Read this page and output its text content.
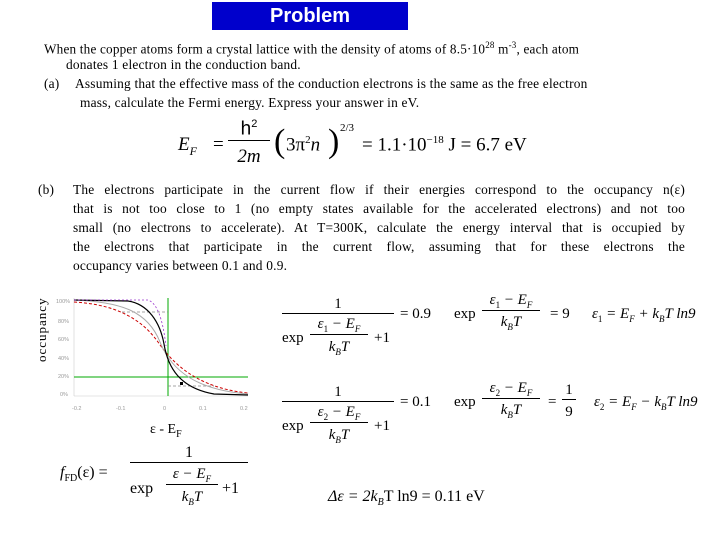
Problem
When the copper atoms form a crystal lattice with the density of atoms of $8.5\cdot 10^{28}$ $m^{-3}$, each atom
donates 1 electron in the conduction band.
(a) Assuming that the effective mass of the conduction electrons is the same as the free electron
mass, calculate the Fermi energy. Express your answer in eV.
$E_F$ =
$h^2$
2m ( $3\pi^2n$ ) 2/3
= $1.1\cdot 10^{-18}$ J = 6.7 eV
(b) The electrons participate in the current flow if their energies correspond to the occupancy n(ε)
that is not too close to 1 (no empty states available for the accelerated electrons) and not too
small (no electrons to accelerate). At T=300K, calculate the energy interval that is occupied by
the electrons that participate in the current flow, assuming that for these electrons the
occupancy varies between 0.1 and 0.9.
occupancy 100%
80%
60%
40%
20%
0%
-0.2	-0.1	0	0.1	0.2
ε - $E_F$
$f_{FD}(\varepsilon)$ =
1
exp
$\varepsilon - E_F$
$k_BT$	+1
1
exp
$\varepsilon_1 - E_F$
$k_BT$
+1
= 0.9 exp
$\varepsilon_1 - E_F$
$k_BT$	= 9 $\varepsilon_1 = E_F + k_BT$ ln9
1
exp
$\varepsilon_2 - E_F$
$k_BT$
+1
= 0.1 exp
$\varepsilon_2 - E_F$
$k_BT$	=
1
9
$\varepsilon_2 = E_F - k_BT$ ln9
$\Delta\varepsilon = 2k_BT$ ln9 = 0.11 eV
